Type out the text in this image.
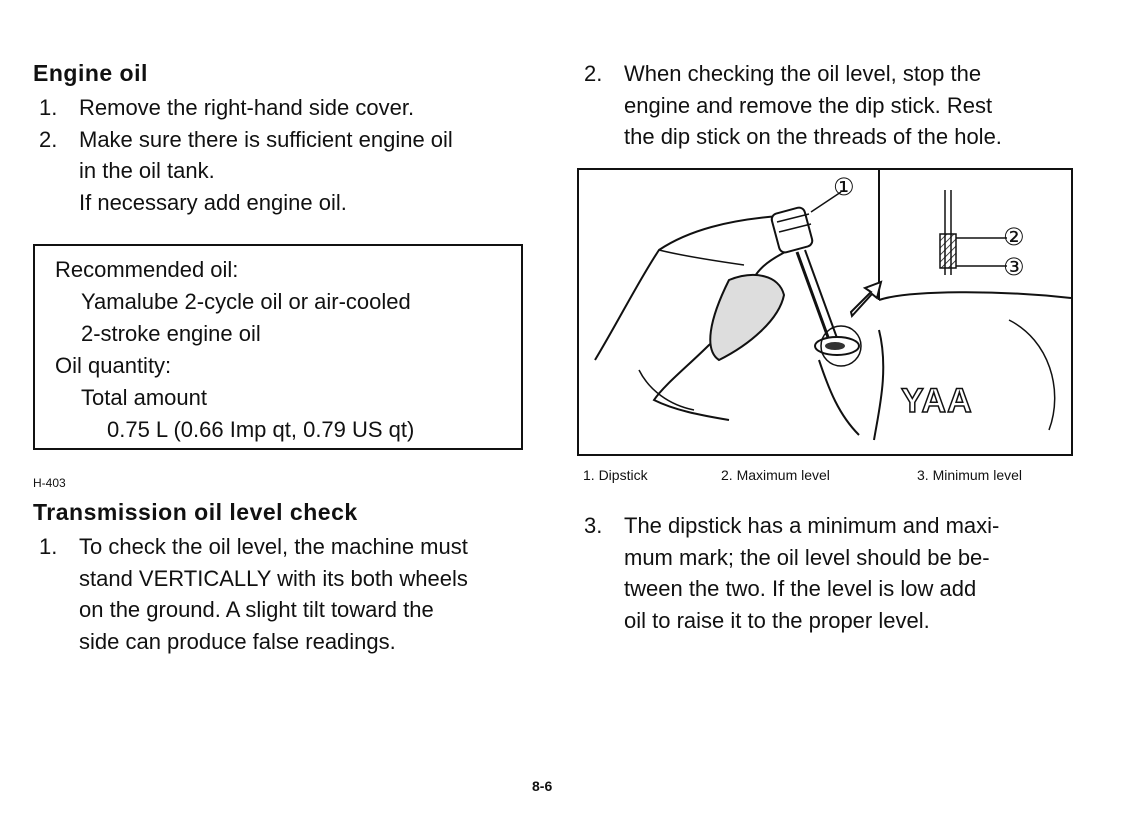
Engine oil
1. Remove the right-hand side cover.
2. Make sure there is sufficient engine oil
in the oil tank.
If necessary add engine oil.
Recommended oil:
Yamalube 2-cycle oil or air-cooled
2-stroke engine oil
Oil quantity:
Total amount
0.75 L (0.66 Imp qt, 0.79 US qt)
H-403
Transmission oil level check
1. To check the oil level, the machine must
stand VERTICALLY with its both wheels
on the ground. A slight tilt toward the
side can produce false readings.
2. When checking the oil level, stop the
engine and remove the dip stick. Rest
the dip stick on the threads of the hole.
①
②
③
YAA
1. Dipstick	2. Maximum level	3. Minimum level
3. The dipstick has a minimum and maxi-
mum mark; the oil level should be be-
tween the two. If the level is low add
oil to raise it to the proper level.
8-6
